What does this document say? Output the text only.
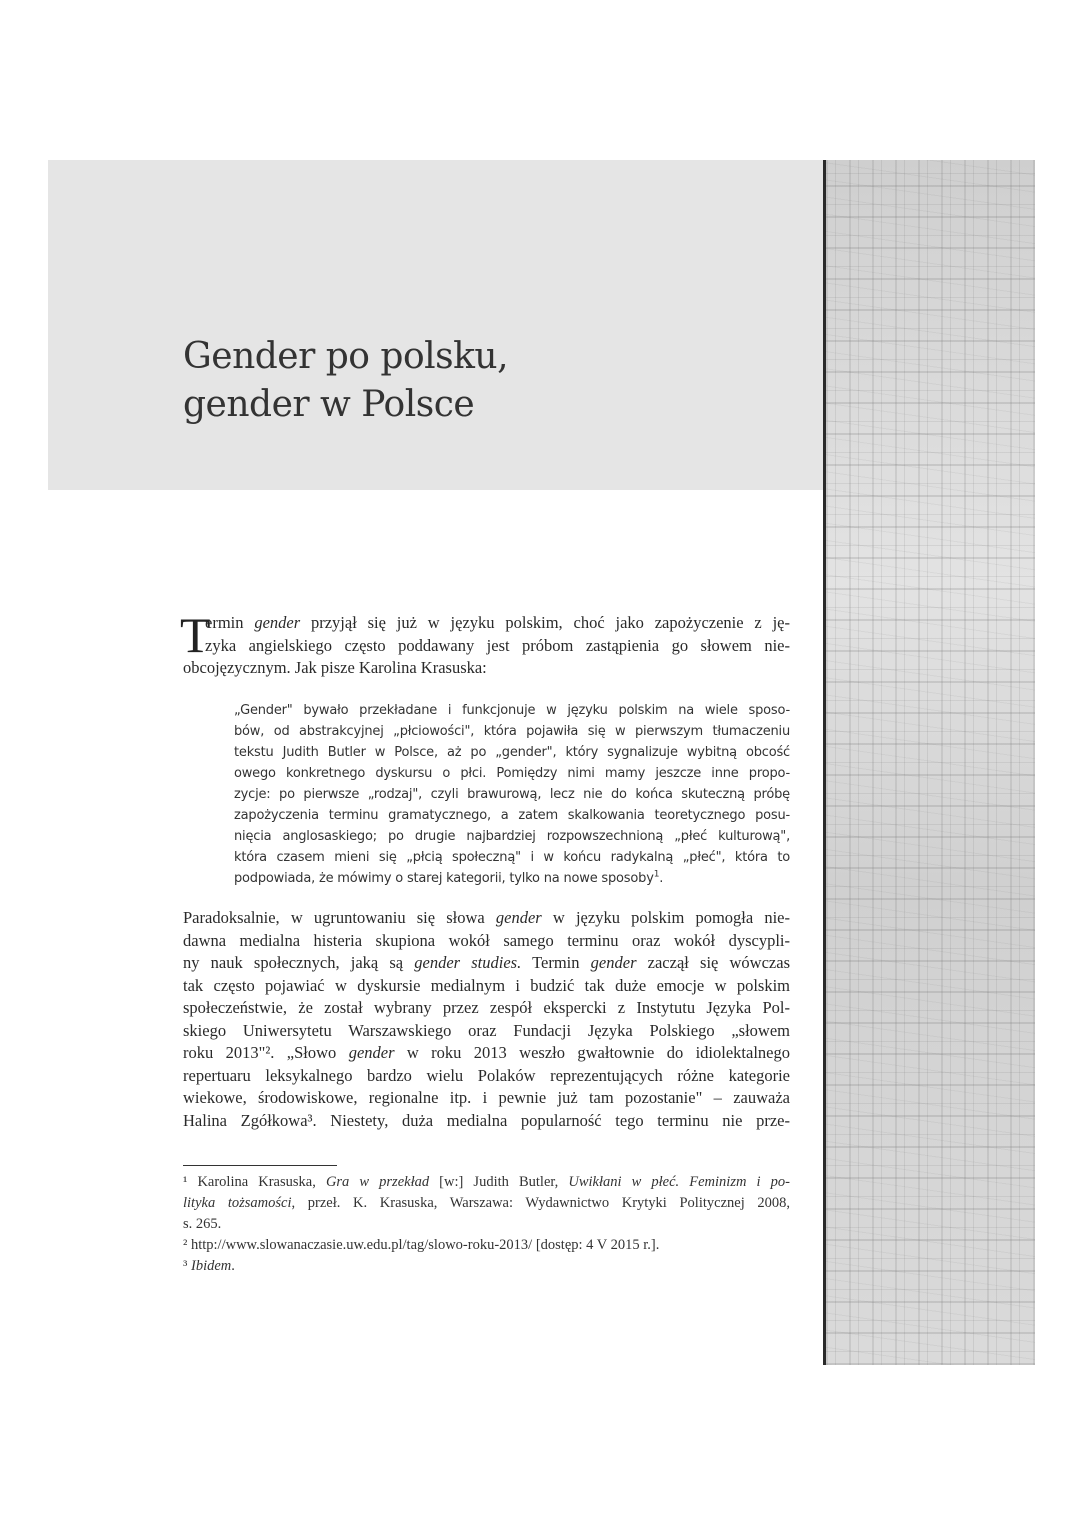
Gender po polsku,
gender w Polsce
T
ermin gender przyjął się już w języku polskim, choć jako zapożyczenie z ję-
zyka angielskiego często poddawany jest próbom zastąpienia go słowem nie-
obcojęzycznym. Jak pisze Karolina Krasuska:
„Gender" bywało przekładane i funkcjonuje w języku polskim na wiele sposo-
bów, od abstrakcyjnej „płciowości", która pojawiła się w pierwszym tłumaczeniu
tekstu Judith Butler w Polsce, aż po „gender", który sygnalizuje wybitną obcość
owego konkretnego dyskursu o płci. Pomiędzy nimi mamy jeszcze inne propo-
zycje: po pierwsze „rodzaj", czyli brawurową, lecz nie do końca skuteczną próbę
zapożyczenia terminu gramatycznego, a zatem skalkowania teoretycznego posu-
nięcia anglosaskiego; po drugie najbardziej rozpowszechnioną „płeć kulturową",
która czasem mieni się „płcią społeczną" i w końcu radykalną „płeć", która to
podpowiada, że mówimy o starej kategorii, tylko na nowe sposoby$^1$.
Paradoksalnie, w ugruntowaniu się słowa gender w języku polskim pomogła nie-
dawna medialna histeria skupiona wokół samego terminu oraz wokół dyscypli-
ny nauk społecznych, jaką są gender studies. Termin gender zaczął się wówczas
tak często pojawiać w dyskursie medialnym i budzić tak duże emocje w polskim
społeczeństwie, że został wybrany przez zespół ekspercki z Instytutu Języka Pol-
skiego Uniwersytetu Warszawskiego oraz Fundacji Języka Polskiego „słowem
roku 2013"². „Słowo gender w roku 2013 weszło gwałtownie do idiolektalnego
repertuaru leksykalnego bardzo wielu Polaków reprezentujących różne kategorie
wiekowe, środowiskowe, regionalne itp. i pewnie już tam pozostanie" – zauważa
Halina Zgółkowa³. Niestety, duża medialna popularność tego terminu nie prze-
¹ Karolina Krasuska, Gra w przekład [w:] Judith Butler, Uwikłani w płeć. Feminizm i po-
lityka tożsamości, przeł. K. Krasuska, Warszawa: Wydawnictwo Krytyki Politycznej 2008,
s. 265.
² http://www.slowanaczasie.uw.edu.pl/tag/slowo-roku-2013/ [dostęp: 4 V 2015 r.].
³ Ibidem.
